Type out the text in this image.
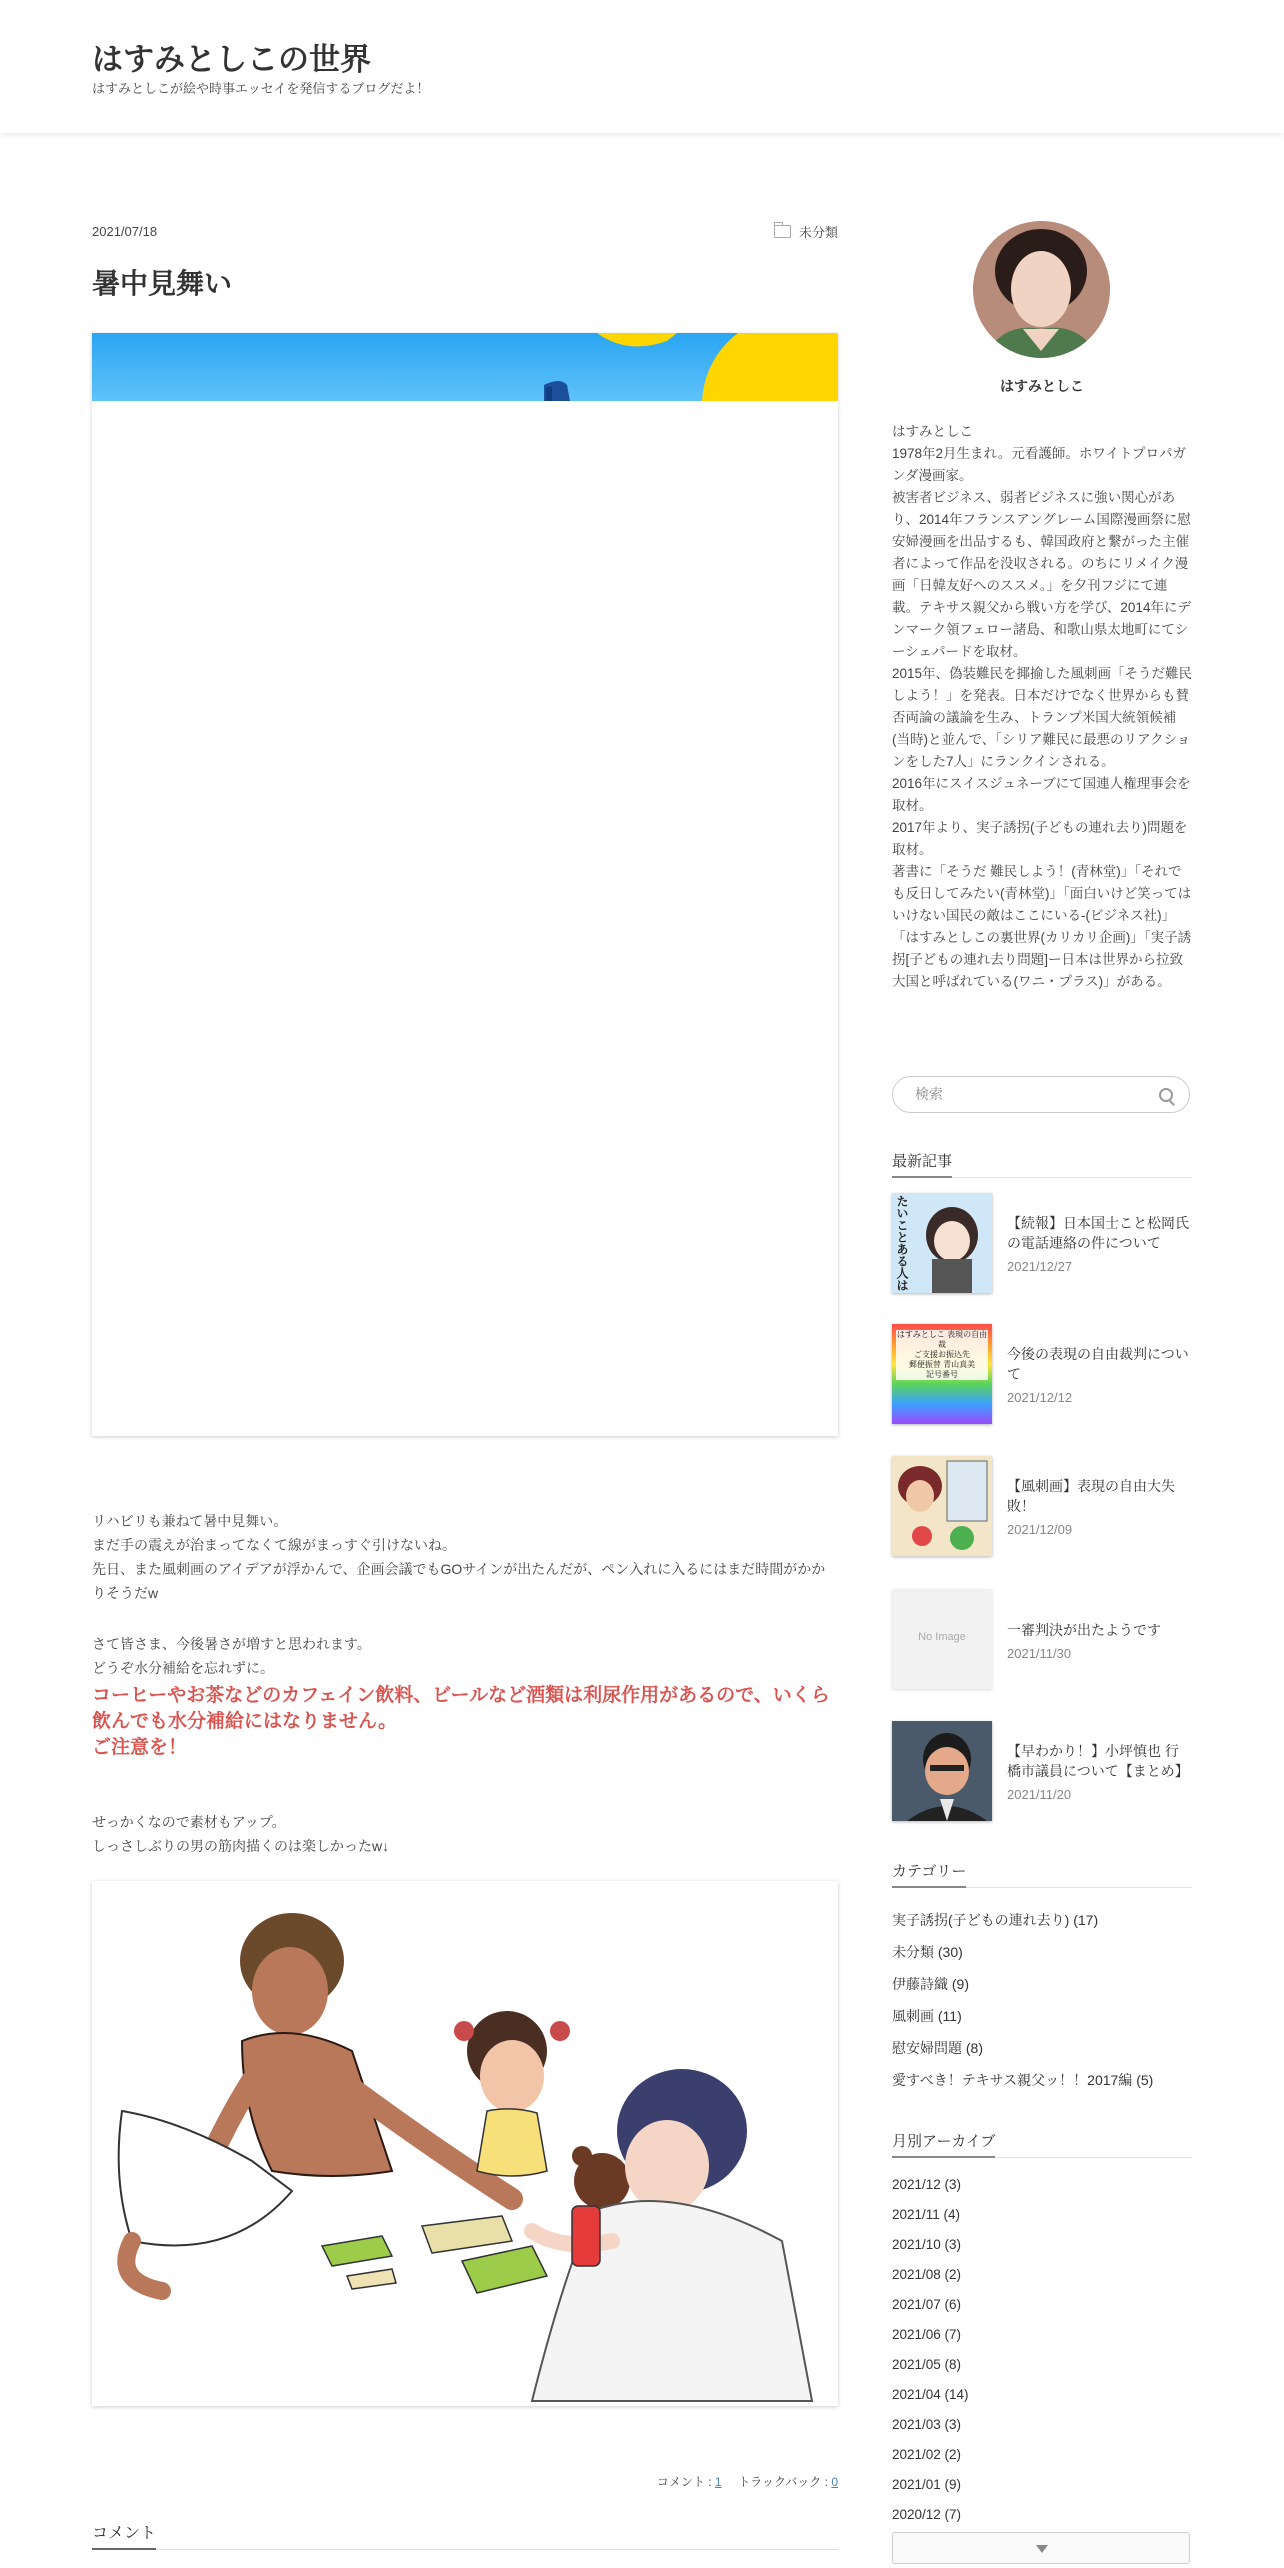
はすみとしこの世界
はすみとしこが絵や時事エッセイを発信するブログだよ！
2021/07/18	未分類
暑中見舞い
リハビリも兼ねて暑中見舞い。
まだ手の震えが治まってなくて線がまっすぐ引けないね。
先日、また風刺画のアイデアが浮かんで、企画会議でもGOサインが出たんだが、ペン入れに入るにはまだ時間がかかりそうだw
さて皆さま、今後暑さが増すと思われます。
どうぞ水分補給を忘れずに。
コーヒーやお茶などのカフェイン飲料、ビールなど酒類は利尿作用があるので、いくら飲んでも水分補給にはなりません。
ご注意を！
せっかくなので素材もアップ。
しっさしぶりの男の筋肉描くのは楽しかったw↓
コメント : 1 トラックバック : 0
コメント
はすみとしこ

はすみとしこ
1978年2月生まれ。元看護師。ホワイトプロパガンダ漫画家。
被害者ビジネス、弱者ビジネスに強い関心があり、2014年フランスアングレーム国際漫画祭に慰安婦漫画を出品するも、韓国政府と繋がった主催者によって作品を没収される。のちにリメイク漫画「日韓友好へのススメ。」を夕刊フジにて連載。テキサス親父から戦い方を学び、2014年にデンマーク領フェロー諸島、和歌山県太地町にてシーシェパードを取材。
2015年、偽装難民を揶揄した風刺画「そうだ難民しよう！」を発表。日本だけでなく世界からも賛否両論の議論を生み、トランプ米国大統領候補(当時)と並んで、「シリア難民に最悪のリアクションをした7人」にランクインされる。
2016年にスイスジュネーブにて国連人権理事会を取材。
2017年より、実子誘拐(子どもの連れ去り)問題を取材。
著書に「そうだ 難民しよう！(青林堂)」「それでも反日してみたい(青林堂)」「面白いけど笑ってはいけない国民の敵はここにいる-(ビジネス社)」「はすみとしこの裏世界(カリカリ企画)」「実子誘拐[子どもの連れ去り問題]ー日本は世界から拉致大国と呼ばれている(ワニ・プラス)」がある。

検索
最新記事
たいことある人は	【続報】日本国士こと松岡氏の電話連絡の件について
2021/12/27
はすみとしこ 表現の自由裁
ご支援お振込先
郵便振替 青山真美
記号番号
今後の表現の自由裁判について
2021/12/12
【風刺画】表現の自由大失敗！
2021/12/09
No Image	一審判決が出たようです
2021/11/30
【早わかり！】小坪慎也 行橋市議員について【まとめ】
2021/11/20
カテゴリー
実子誘拐(子どもの連れ去り) (17)
未分類 (30)
伊藤詩織 (9)
風刺画 (11)
慰安婦問題 (8)
愛すべき！テキサス親父ッ！！2017編 (5)
月別アーカイブ
2021/12 (3)
2021/11 (4)
2021/10 (3)
2021/08 (2)
2021/07 (6)
2021/06 (7)
2021/05 (8)
2021/04 (14)
2021/03 (3)
2021/02 (2)
2021/01 (9)
2020/12 (7)
